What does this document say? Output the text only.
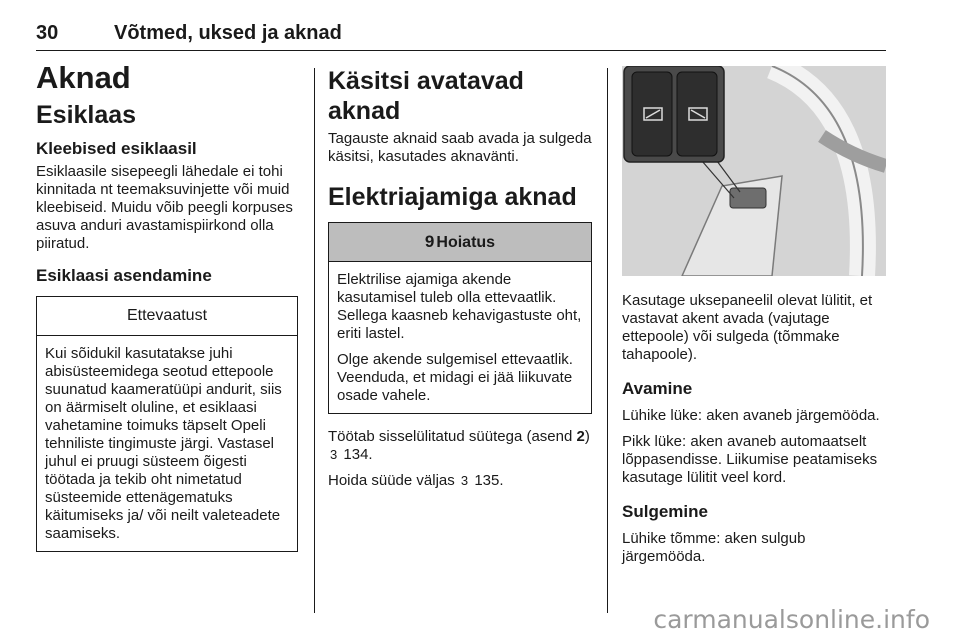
30	Võtmed, uksed ja aknad
Aknad
Esiklaas
Kleebised esiklaasil

Esiklaasile sisepeegli lähedale ei tohi kinnitada nt teemaksuvinjette või muid kleebiseid. Muidu võib peegli korpuses asuva anduri avastamispiirkond olla piiratud.

Esiklaasi asendamine
Ettevaatust

Kui sõidukil kasutatakse juhi abisüsteemidega seotud ettepoole suunatud kaameratüüpi andurit, siis on äärmiselt oluline, et esiklaasi vahetamine toimuks täpselt Opeli tehniliste tingimuste järgi. Vastasel juhul ei pruugi süsteem õigesti töötada ja tekib oht nimetatud süsteemide ettenägematuks käitumiseks ja/ või neilt valeteadete saamiseks.

Käsitsi avatavad aknad

Tagauste aknaid saab avada ja sulgeda käsitsi, kasutades aknavänti.

Elektriajamiga aknad
9 Hoiatus

Elektrilise ajamiga akende kasutamisel tuleb olla ettevaatlik. Sellega kaasneb kehavigastuste oht, eriti lastel.

Olge akende sulgemisel ettevaatlik. Veenduda, et midagi ei jää liikuvate osade vahele.

Töötab sisselülitatud süütega (asend 2) 3 134.

Hoida süüde väljas 3 135.

Kasutage uksepaneelil olevat lülitit, et vastavat akent avada (vajutage ettepoole) või sulgeda (tõmmake tahapoole).

Avamine

Lühike lüke: aken avaneb järgemööda.

Pikk lüke: aken avaneb automaatselt lõppasendisse. Liikumise peatamiseks kasutage lülitit veel kord.

Sulgemine

Lühike tõmme: aken sulgub järgemööda.

carmanualsonline.info
